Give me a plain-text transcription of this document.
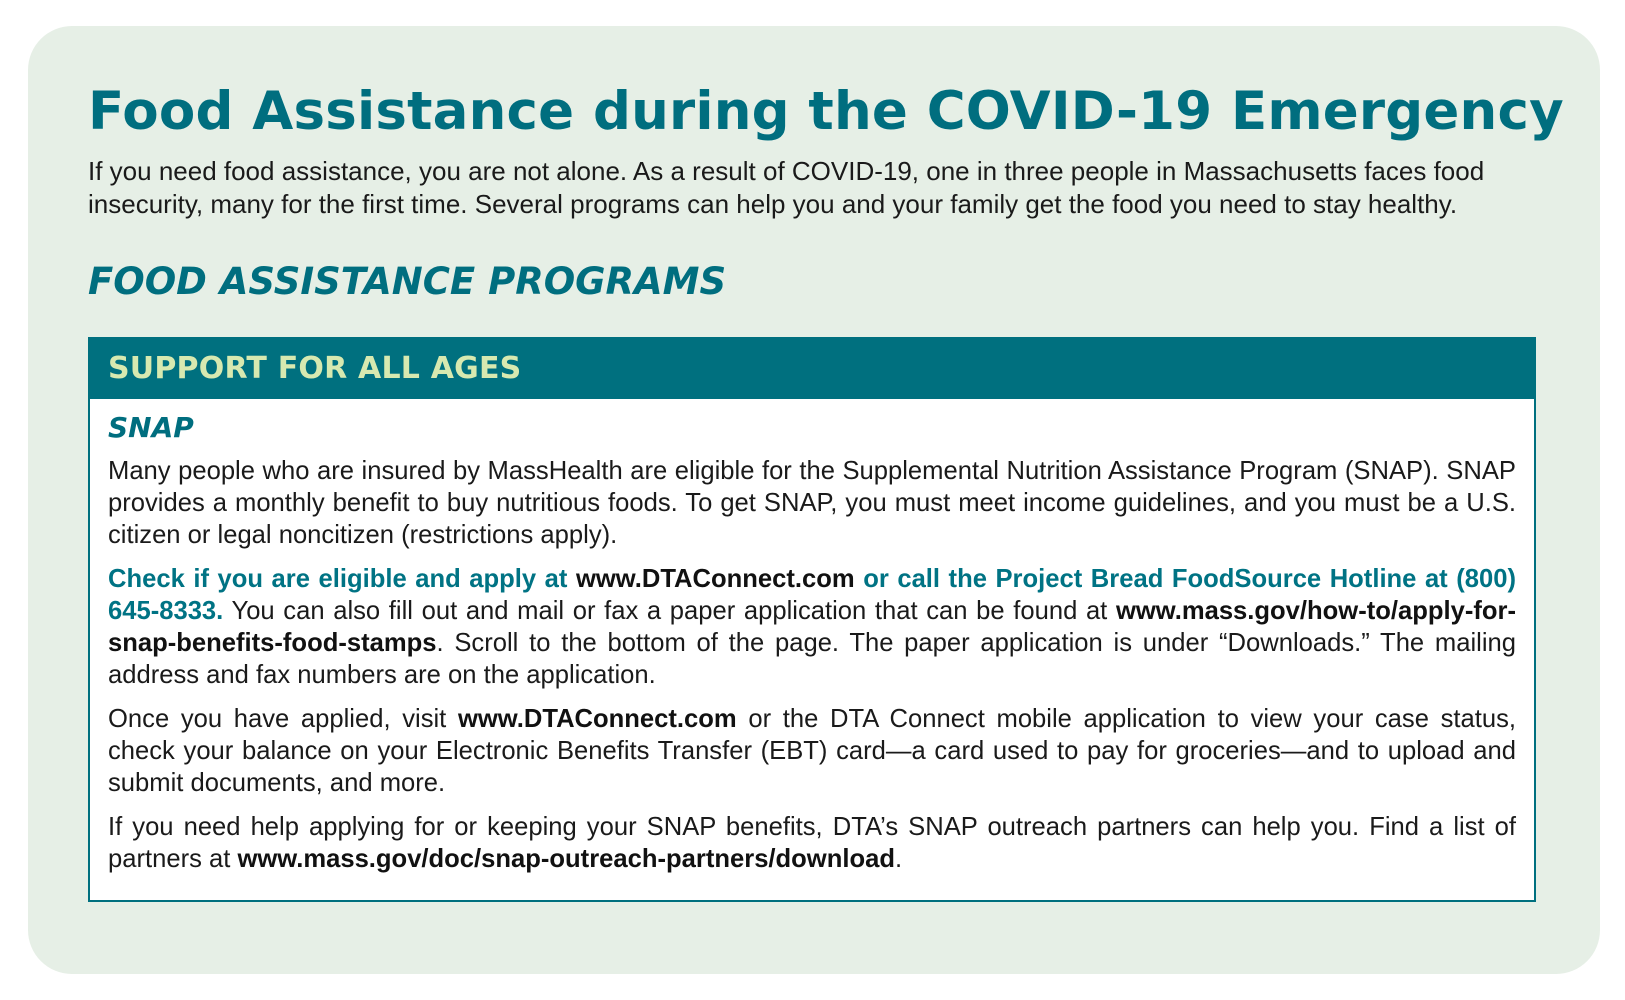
Food Assistance during the COVID-19 Emergency

If you need food assistance, you are not alone. As a result of COVID-19, one in three people in Massachusetts faces food insecurity, many for the first time. Several programs can help you and your family get the food you need to stay healthy.

FOOD ASSISTANCE PROGRAMS
SUPPORT FOR ALL AGES
SNAP

Many people who are insured by MassHealth are eligible for the Supplemental Nutrition Assistance Program (SNAP). SNAP provides a monthly benefit to buy nutritious foods. To get SNAP, you must meet income guidelines, and you must be a U.S. citizen or legal noncitizen (restrictions apply).

Check if you are eligible and apply at www.DTAConnect.com or call the Project Bread FoodSource Hotline at (800) 645-8333. You can also fill out and mail or fax a paper application that can be found at www.mass.gov/how-to/apply-for-snap-benefits-food-stamps. Scroll to the bottom of the page. The paper application is under “Downloads.” The mailing address and fax numbers are on the application.

Once you have applied, visit www.DTAConnect.com or the DTA Connect mobile application to view your case status, check your balance on your Electronic Benefits Transfer (EBT) card—a card used to pay for groceries—and to upload and submit documents, and more.

If you need help applying for or keeping your SNAP benefits, DTA’s SNAP outreach partners can help you. Find a list of partners at www.mass.gov/doc/snap-outreach-partners/download.
